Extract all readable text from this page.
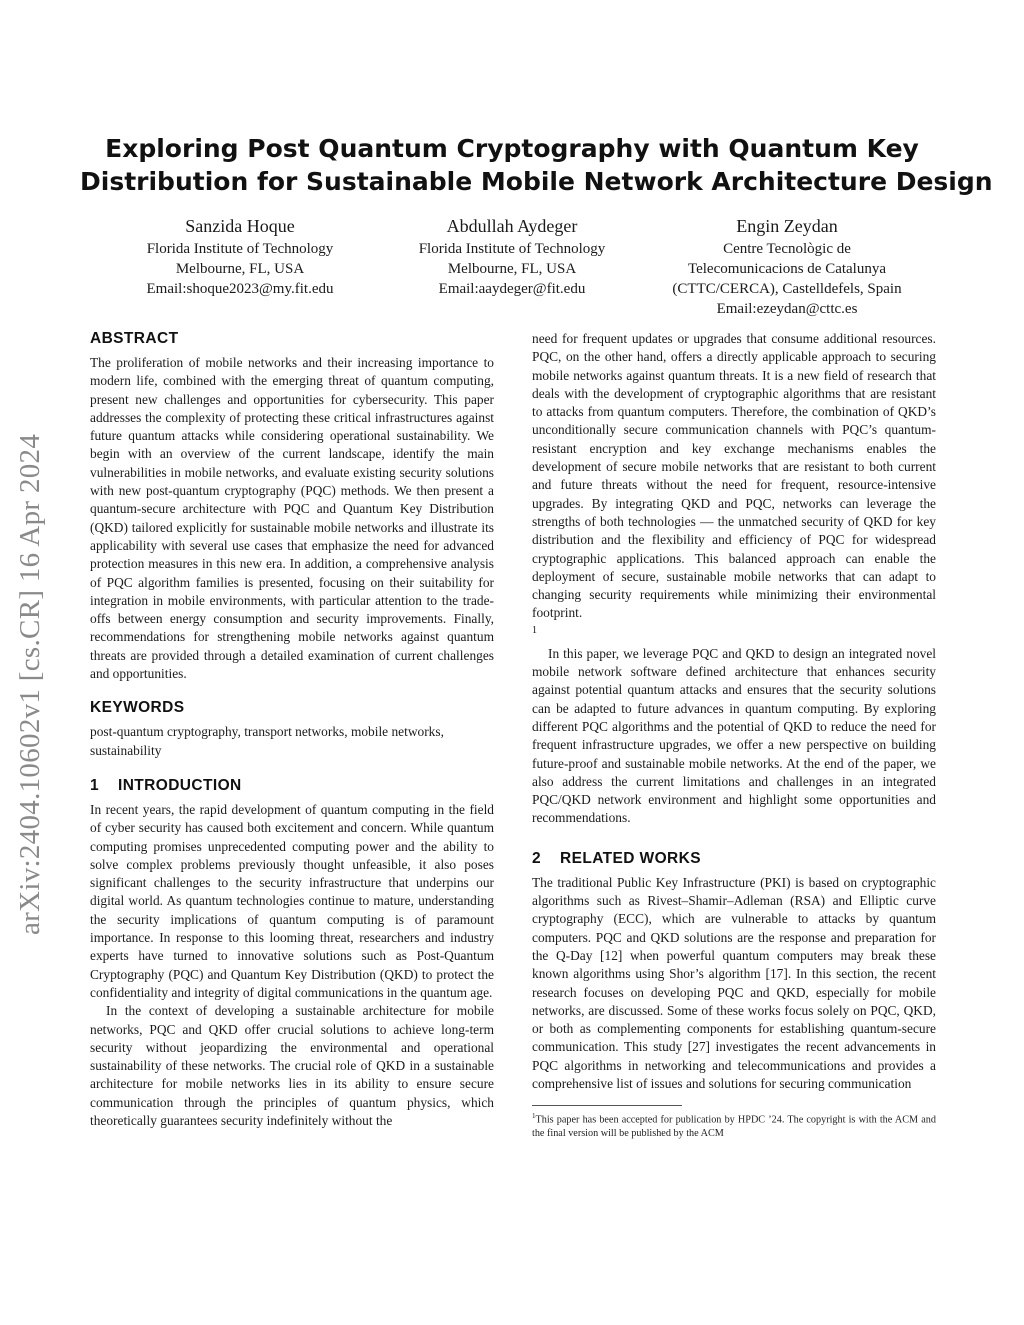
arXiv:2404.10602v1 [cs.CR] 16 Apr 2024
Exploring Post Quantum Cryptography with Quantum Key
Distribution for Sustainable Mobile Network Architecture Design
Sanzida Hoque
Florida Institute of Technology
Melbourne, FL, USA
Email:shoque2023@my.fit.edu
Abdullah Aydeger
Florida Institute of Technology
Melbourne, FL, USA
Email:aaydeger@fit.edu
Engin Zeydan
Centre Tecnològic de
Telecomunicacions de Catalunya
(CTTC/CERCA), Castelldefels, Spain
Email:ezeydan@cttc.es
ABSTRACT

The proliferation of mobile networks and their increasing importance to modern life, combined with the emerging threat of quantum computing, present new challenges and opportunities for cybersecurity. This paper addresses the complexity of protecting these critical infrastructures against future quantum attacks while considering operational sustainability. We begin with an overview of the current landscape, identify the main vulnerabilities in mobile networks, and evaluate existing security solutions with new post-quantum cryptography (PQC) methods. We then present a quantum-secure architecture with PQC and Quantum Key Distribution (QKD) tailored explicitly for sustainable mobile networks and illustrate its applicability with several use cases that emphasize the need for advanced protection measures in this new era. In addition, a comprehensive analysis of PQC algorithm families is presented, focusing on their suitability for integration in mobile environments, with particular attention to the trade-offs between energy consumption and security improvements. Finally, recommendations for strengthening mobile networks against quantum threats are provided through a detailed examination of current challenges and opportunities.

KEYWORDS

post-quantum cryptography, transport networks, mobile networks, sustainability

1 INTRODUCTION

In recent years, the rapid development of quantum computing in the field of cyber security has caused both excitement and concern. While quantum computing promises unprecedented computing power and the ability to solve complex problems previously thought unfeasible, it also poses significant challenges to the security infrastructure that underpins our digital world. As quantum technologies continue to mature, understanding the security implications of quantum computing is of paramount importance. In response to this looming threat, researchers and industry experts have turned to innovative solutions such as Post-Quantum Cryptography (PQC) and Quantum Key Distribution (QKD) to protect the confidentiality and integrity of digital communications in the quantum age.

In the context of developing a sustainable architecture for mobile networks, PQC and QKD offer crucial solutions to achieve long-term security without jeopardizing the environmental and operational sustainability of these networks. The crucial role of QKD in a sustainable architecture for mobile networks lies in its ability to ensure secure communication through the principles of quantum physics, which theoretically guarantees security indefinitely without the

need for frequent updates or upgrades that consume additional resources. PQC, on the other hand, offers a directly applicable approach to securing mobile networks against quantum threats. It is a new field of research that deals with the development of cryptographic algorithms that are resistant to attacks from quantum computers. Therefore, the combination of QKD’s unconditionally secure communication channels with PQC’s quantum-resistant encryption and key exchange mechanisms enables the development of secure mobile networks that are resistant to both current and future threats without the need for frequent, resource-intensive upgrades. By integrating QKD and PQC, networks can leverage the strengths of both technologies — the unmatched security of QKD for key distribution and the flexibility and efficiency of PQC for widespread cryptographic applications. This balanced approach can enable the deployment of secure, sustainable mobile networks that can adapt to changing security requirements while minimizing their environmental footprint.

1

In this paper, we leverage PQC and QKD to design an integrated novel mobile network software defined architecture that enhances security against potential quantum attacks and ensures that the security solutions can be adapted to future advances in quantum computing. By exploring different PQC algorithms and the potential of QKD to reduce the need for frequent infrastructure upgrades, we offer a new perspective on building future-proof and sustainable mobile networks. At the end of the paper, we also address the current limitations and challenges in an integrated PQC/QKD network environment and highlight some opportunities and recommendations.

2 RELATED WORKS

The traditional Public Key Infrastructure (PKI) is based on cryptographic algorithms such as Rivest–Shamir–Adleman (RSA) and Elliptic curve cryptography (ECC), which are vulnerable to attacks by quantum computers. PQC and QKD solutions are the response and preparation for the Q-Day [12] when powerful quantum computers may break these known algorithms using Shor’s algorithm [17]. In this section, the recent research focuses on developing PQC and QKD, especially for mobile networks, are discussed. Some of these works focus solely on PQC, QKD, or both as complementing components for establishing quantum-secure communication. This study [27] investigates the recent advancements in PQC algorithms in networking and telecommunications and provides a comprehensive list of issues and solutions for securing communication

$^1$This paper has been accepted for publication by HPDC ’24. The copyright is with the ACM and the final version will be published by the ACM
